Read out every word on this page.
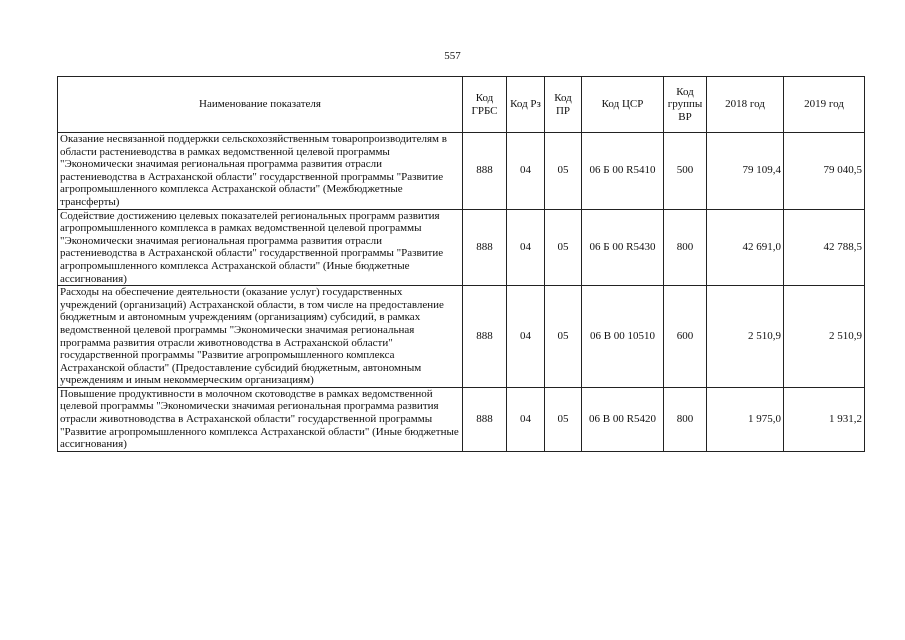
557
Наименование показателя	Код ГРБС	Код Рз	Код ПР	Код ЦСР	Код группы ВР	2018 год	2019 год
Оказание несвязанной поддержки сельскохозяйственным товаропроизводителям в области растениеводства в рамках ведомственной целевой программы "Экономически значимая региональная программа развития отрасли растениеводства в Астраханской области" государственной программы "Развитие агропромышленного комплекса Астраханской области" (Межбюджетные трансферты)	888	04	05	06 Б 00 R5410	500	79 109,4	79 040,5
Содействие достижению целевых показателей региональных программ развития агропромышленного комплекса в рамках ведомственной целевой программы "Экономически значимая региональная программа развития отрасли растениеводства в Астраханской области" государственной программы "Развитие агропромышленного комплекса Астраханской области" (Иные бюджетные ассигнования)	888	04	05	06 Б 00 R5430	800	42 691,0	42 788,5
Расходы на обеспечение деятельности (оказание услуг) государственных учреждений (организаций) Астраханской области, в том числе на предоставление бюджетным и автономным учреждениям (организациям) субсидий, в рамках ведомственной целевой программы "Экономически значимая региональная программа развития отрасли животноводства в Астраханской области" государственной программы "Развитие агропромышленного комплекса Астраханской области" (Предоставление субсидий бюджетным, автономным учреждениям и иным некоммерческим организациям)	888	04	05	06 В 00 10510	600	2 510,9	2 510,9
Повышение продуктивности в молочном скотоводстве в рамках ведомственной целевой программы "Экономически значимая региональная программа развития отрасли животноводства в Астраханской области" государственной программы "Развитие агропромышленного комплекса Астраханской области" (Иные бюджетные ассигнования)	888	04	05	06 В 00 R5420	800	1 975,0	1 931,2
